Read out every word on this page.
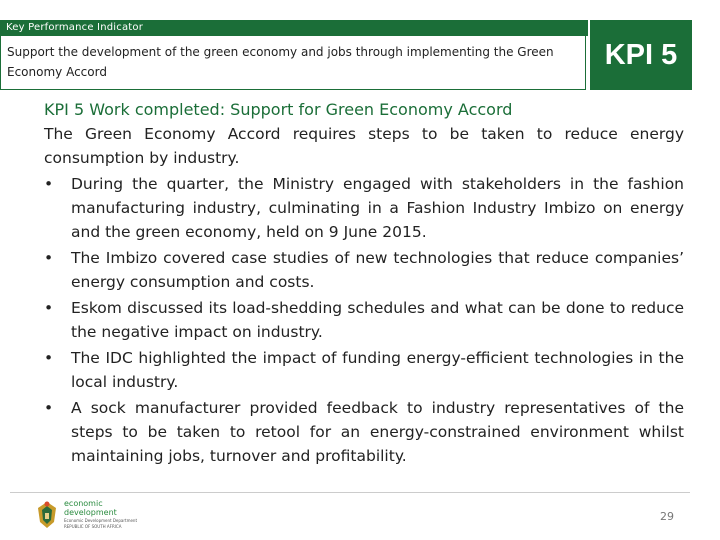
Key Performance Indicator
Support the development of the green economy and jobs through implementing the Green Economy Accord
KPI 5
KPI 5 Work completed: Support for Green Economy Accord
The Green Economy Accord requires steps to be taken to reduce energy consumption by industry.
• During the quarter, the Ministry engaged with stakeholders in the fashion manufacturing industry, culminating in a Fashion Industry Imbizo on energy and the green economy, held on 9 June 2015.
• The Imbizo covered case studies of new technologies that reduce companies’ energy consumption and costs.
• Eskom discussed its load-shedding schedules and what can be done to reduce the negative impact on industry.
• The IDC highlighted the impact of funding energy-efficient technologies in the local industry.
• A sock manufacturer provided feedback to industry representatives of the steps to be taken to retool for an energy-constrained environment whilst maintaining jobs, turnover and profitability.
economic
development
Economic Development Department
REPUBLIC OF SOUTH AFRICA
29
